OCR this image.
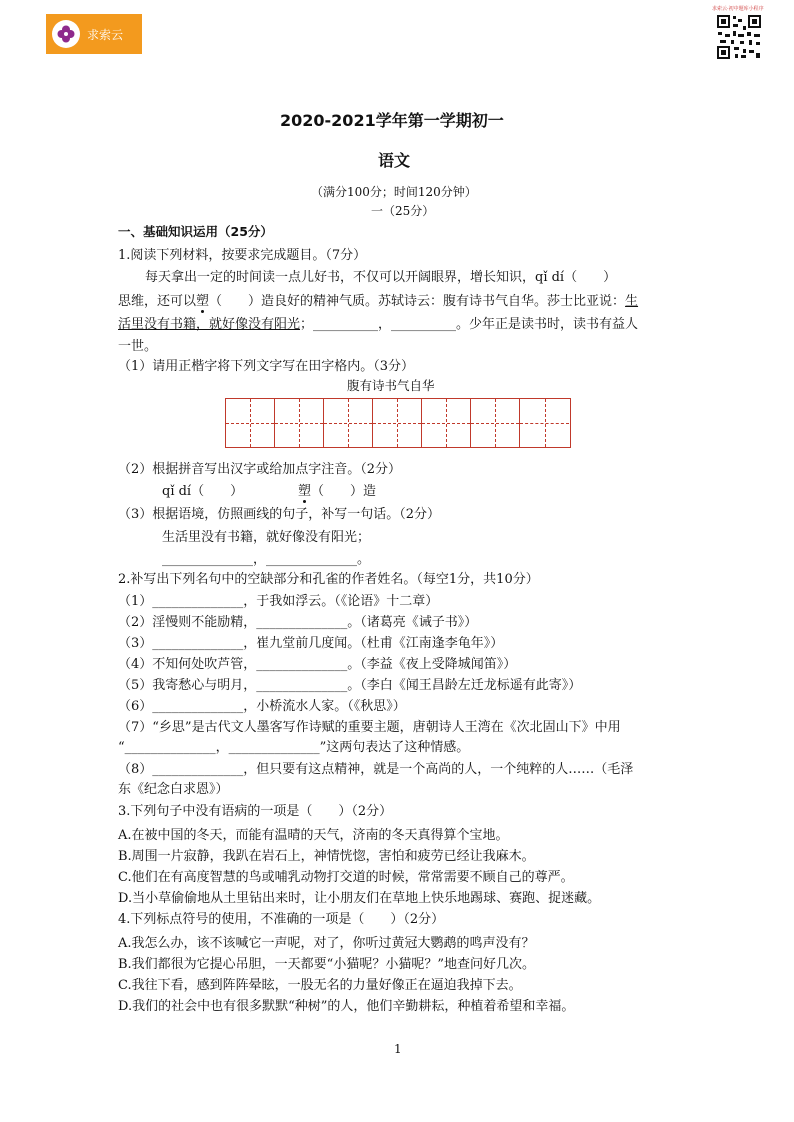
求索云
求索云·初中题库小程序
2020-2021学年第一学期初一
语文
（满分100分；时间120分钟）
一（25分）
一、基础知识运用（25分）
1.阅读下列材料，按要求完成题目。（7分）
每天拿出一定的时间读一点儿好书，不仅可以开阔眼界，增长知识，qǐ dí（　　）
思维，还可以塑（　　）造良好的精神气质。苏轼诗云：腹有诗书气自华。莎士比亚说：生
活里没有书籍，就好像没有阳光；__________，__________。少年正是读书时，读书有益人
一世。
（1）请用正楷字将下列文字写在田字格内。（3分）
腹有诗书气自华
（2）根据拼音写出汉字或给加点字注音。（2分）
qǐ dí（　　）	塑（　　）造
（3）根据语境，仿照画线的句子，补写一句话。（2分）
生活里没有书籍，就好像没有阳光；
______________，______________。
2.补写出下列名句中的空缺部分和孔雀的作者姓名。（每空1分，共10分）
（1）______________，于我如浮云。（《论语》十二章）
（2）淫慢则不能励精，______________。（诸葛亮《诫子书》）
（3）______________，崔九堂前几度闻。（杜甫《江南逢李龟年》）
（4）不知何处吹芦管，______________。（李益《夜上受降城闻笛》）
（5）我寄愁心与明月，______________。（李白《闻王昌龄左迁龙标遥有此寄》）
（6）______________，小桥流水人家。（《秋思》）
（7）“乡思”是古代文人墨客写作诗赋的重要主题，唐朝诗人王湾在《次北固山下》中用
“______________，______________”这两句表达了这种情感。
（8）______________，但只要有这点精神，就是一个高尚的人，一个纯粹的人……（毛泽
东《纪念白求恩》）
3.下列句子中没有语病的一项是（　　）（2分）
A.在被中国的冬天，而能有温晴的天气，济南的冬天真得算个宝地。
B.周围一片寂静，我趴在岩石上，神情恍惚，害怕和疲劳已经让我麻木。
C.他们在有高度智慧的鸟或哺乳动物打交道的时候，常常需要不顾自己的尊严。
D.当小草偷偷地从土里钻出来时，让小朋友们在草地上快乐地踢球、赛跑、捉迷藏。
4.下列标点符号的使用，不准确的一项是（　　）（2分）
A.我怎么办，该不该喊它一声呢，对了，你听过黄冠大鹦鹉的鸣声没有？
B.我们都很为它提心吊胆，一天都要“小猫呢？小猫呢？”地查问好几次。
C.我往下看，感到阵阵晕眩，一股无名的力量好像正在逼迫我掉下去。
D.我们的社会中也有很多默默“种树”的人，他们辛勤耕耘，种植着希望和幸福。
1
